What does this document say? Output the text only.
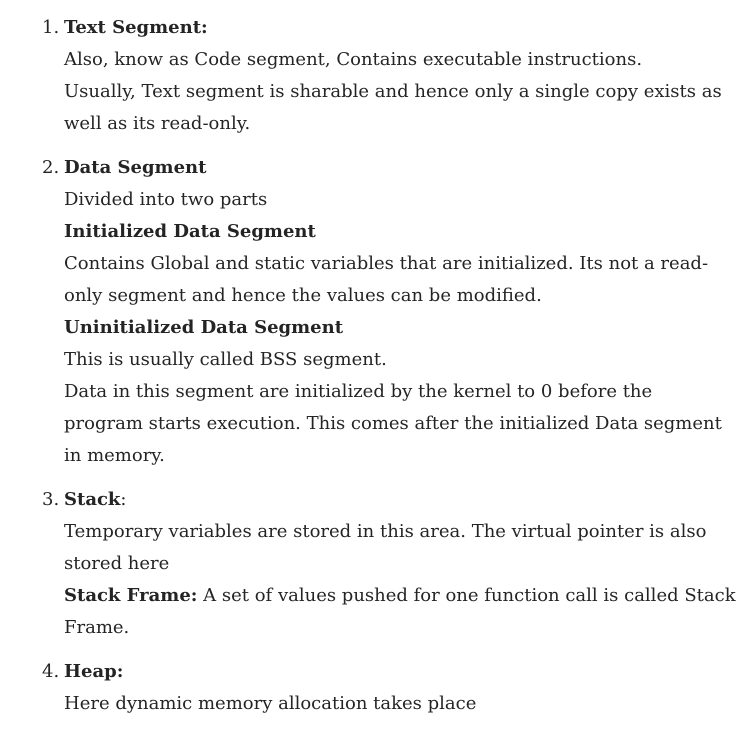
1. Text Segment:
Also, know as Code segment, Contains executable instructions.
Usually, Text segment is sharable and hence only a single copy exists as
well as its read-only.
2. Data Segment
Divided into two parts
Initialized Data Segment
Contains Global and static variables that are initialized. Its not a read-
only segment and hence the values can be modified.
Uninitialized Data Segment
This is usually called BSS segment.
Data in this segment are initialized by the kernel to 0 before the
program starts execution. This comes after the initialized Data segment
in memory.
3. Stack:
Temporary variables are stored in this area. The virtual pointer is also
stored here
Stack Frame: A set of values pushed for one function call is called Stack
Frame.
4. Heap:
Here dynamic memory allocation takes place
